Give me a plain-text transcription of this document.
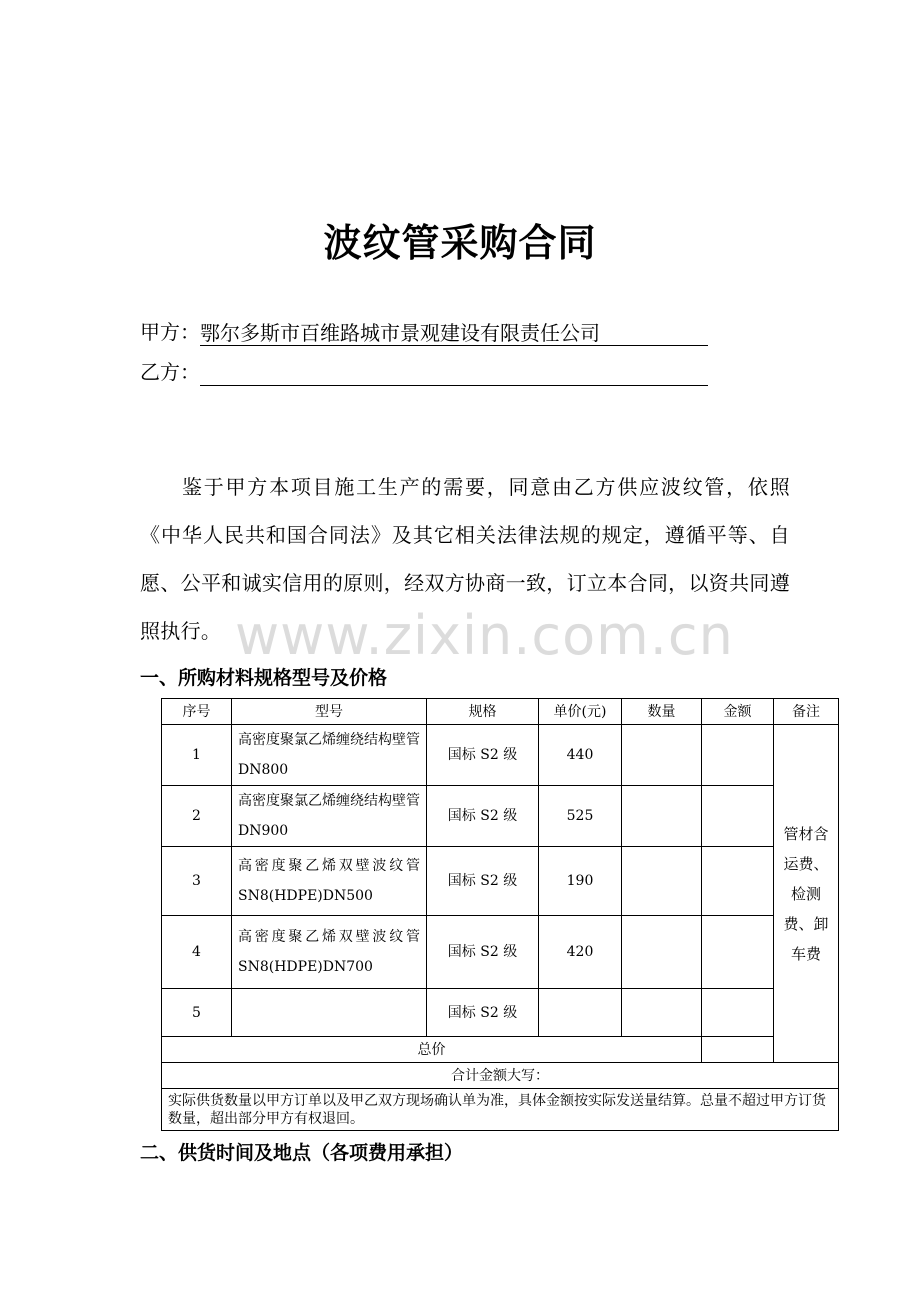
波纹管采购合同
甲方：鄂尔多斯市百维路城市景观建设有限责任公司
乙方：
鉴于甲方本项目施工生产的需要，同意由乙方供应波纹管，依照《中华人民共和国合同法》及其它相关法律法规的规定，遵循平等、自愿、公平和诚实信用的原则，经双方协商一致，订立本合同，以资共同遵照执行。 www.zixin.com.cn
一、所购材料规格型号及价格
序号	型号	规格	单价(元)	数量	金额	备注
1	高密度聚氯乙烯缠绕结构壁管 DN800	国标 S2 级	440			管材含运费、检测费、卸车费
2	高密度聚氯乙烯缠绕结构壁管 DN900	国标 S2 级	525			
3	高密度聚乙烯双壁波纹管 SN8(HDPE)DN500	国标 S2 级	190			
4	高密度聚乙烯双壁波纹管 SN8(HDPE)DN700	国标 S2 级	420			
5		国标 S2 级				
总价						
合计金额大写：						
实际供货数量以甲方订单以及甲乙双方现场确认单为准，具体金额按实际发送量结算。总量不超过甲方订货数量，超出部分甲方有权退回。						
二、供货时间及地点（各项费用承担）
